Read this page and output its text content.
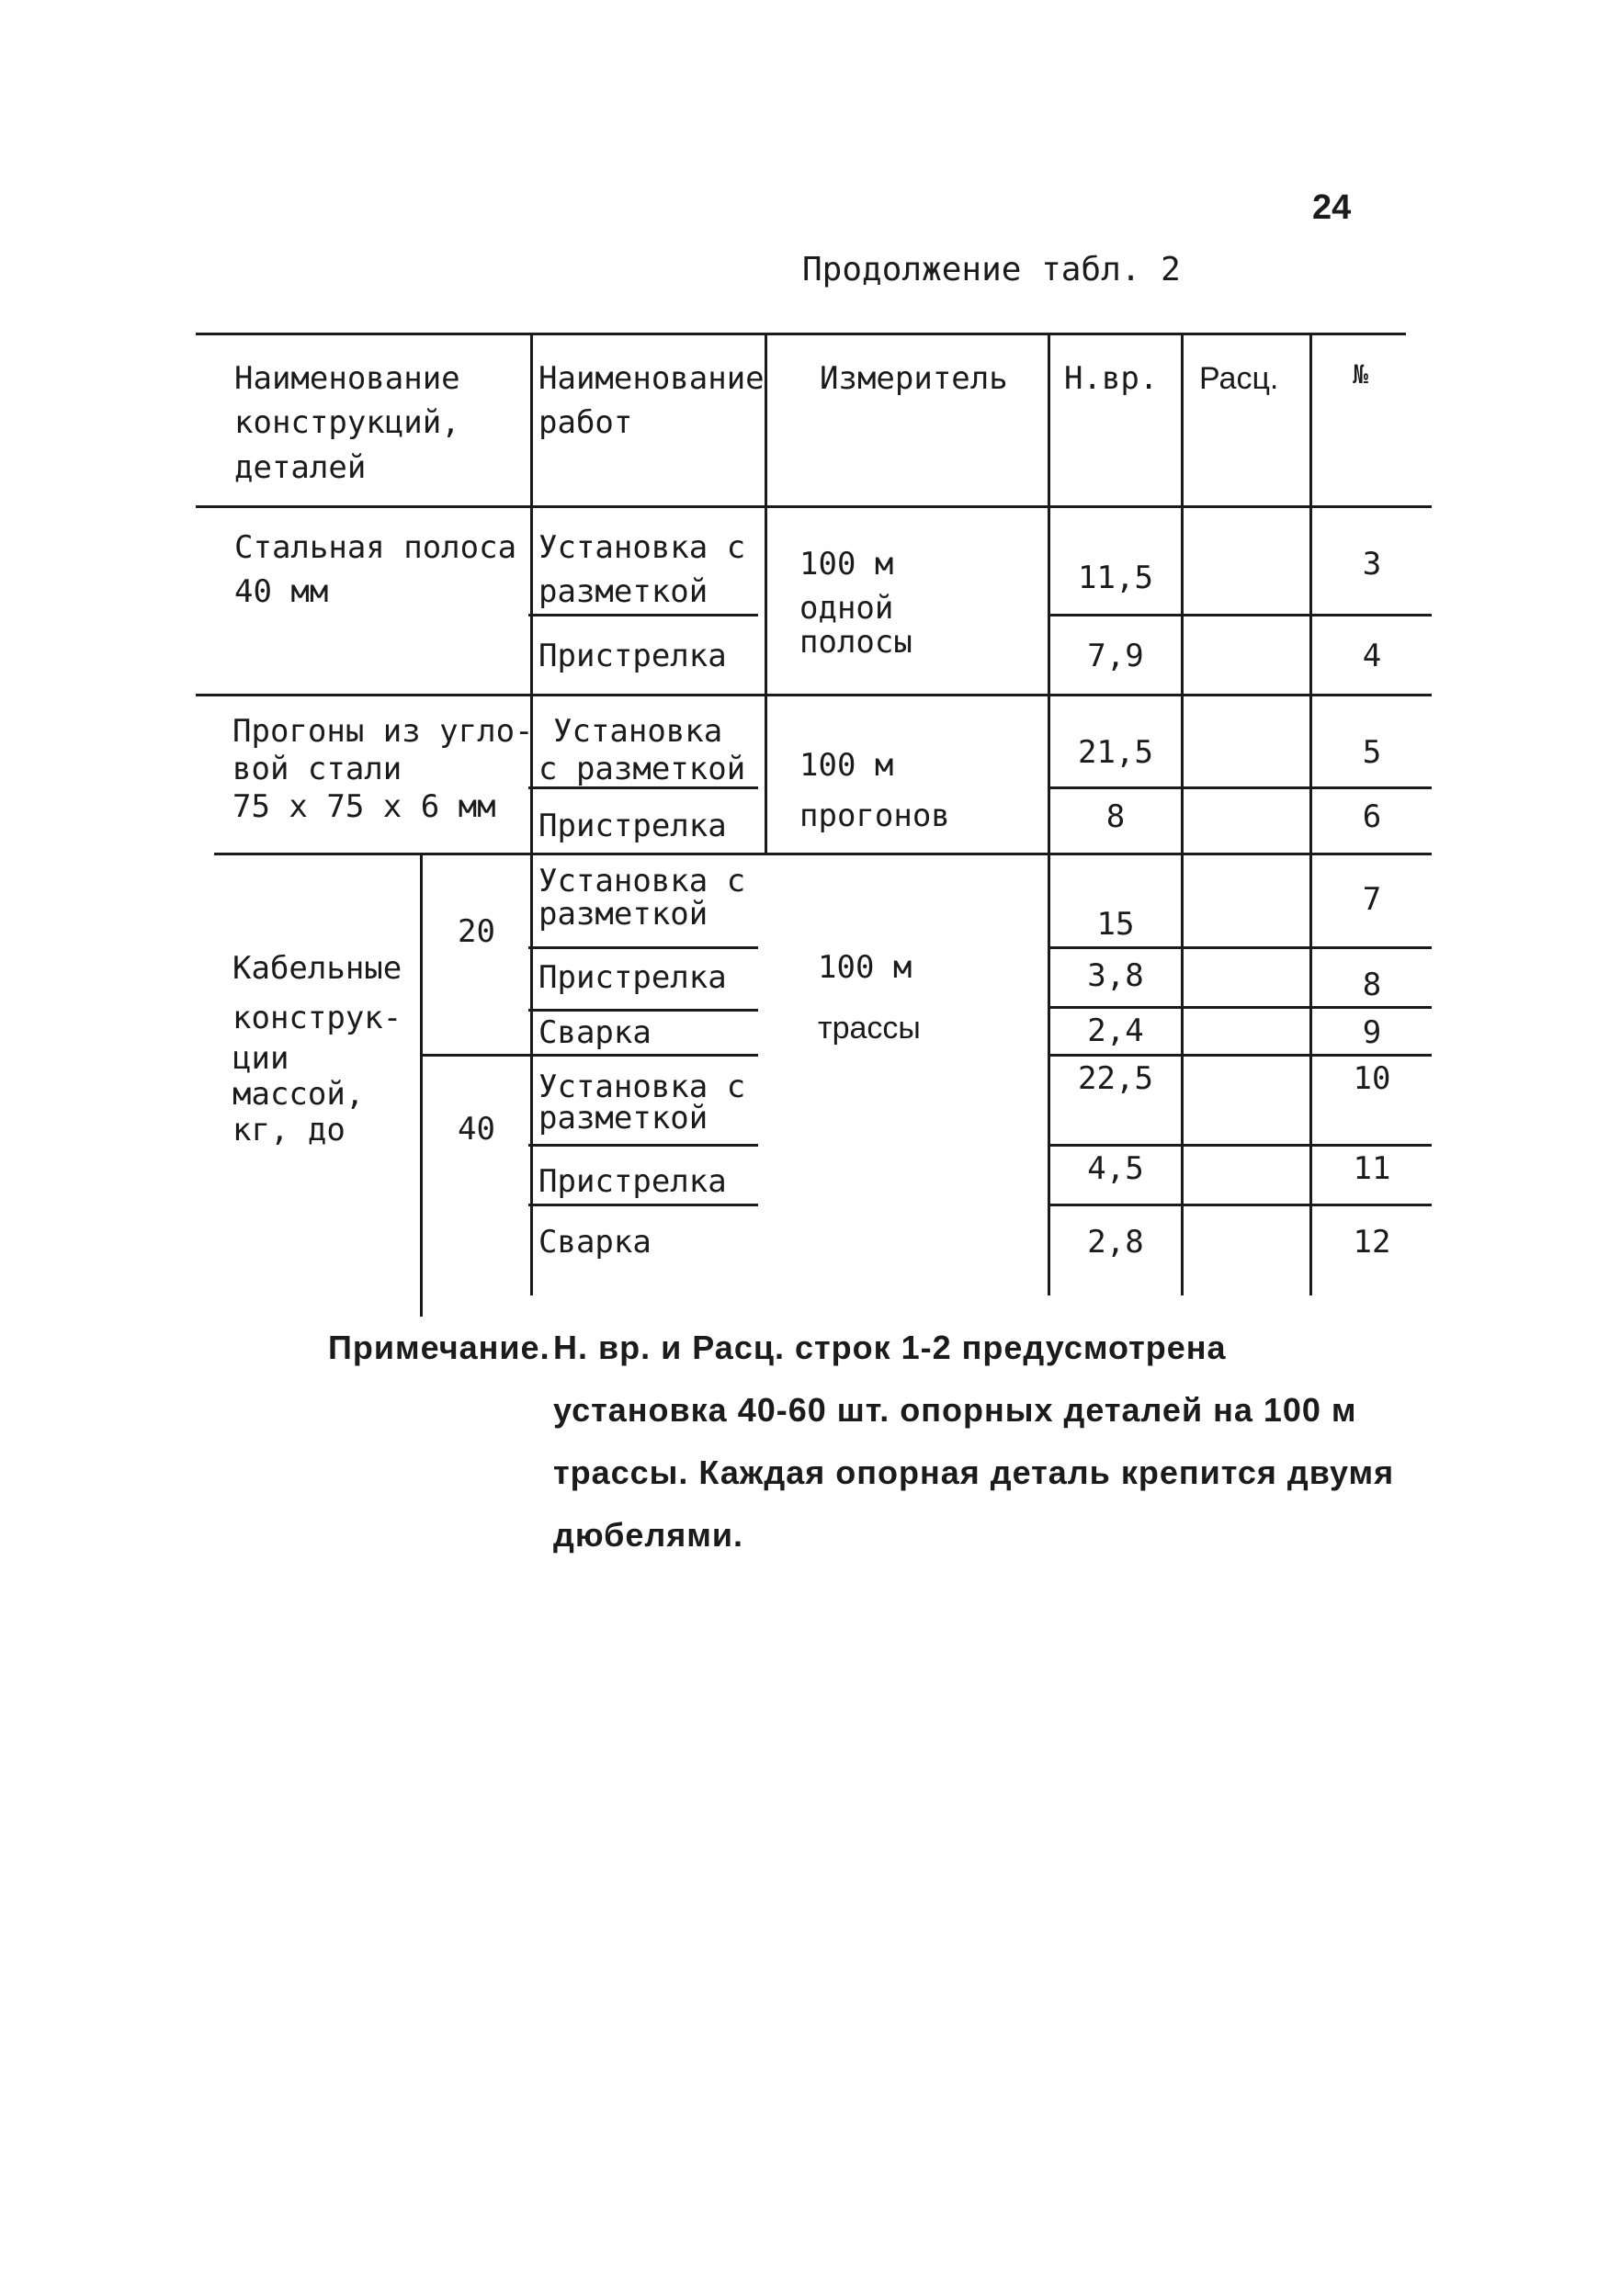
24
Продолжение табл. 2
Наименование
конструкций,
деталей
Наименование
работ
Измеритель Н.вр. Расц.	№
Стальная полоса
40 мм
Установка с
разметкой
Пристрелка
100 м
одной
полосы
11,5
7,9
3
4
Прогоны из угло-
вой стали
75 х 75 х 6 мм
Установка
с разметкой
Пристрелка
100 м
прогонов
21,5
8
5
6
Кабельные
конструк-
ции
массой,
кг, до
20
40
100 м
трассы
Установка с
разметкой
Пристрелка
Сварка
15
3,8
2,4
7
8
9
Установка с
разметкой
Пристрелка
Сварка
22,5
4,5
2,8
10
11
12
Примечание. Н. вр. и Расц. строк 1-2 предусмотрена
установка 40-60 шт. опорных деталей на 100 м
трассы. Каждая опорная деталь крепится двумя
дюбелями.
